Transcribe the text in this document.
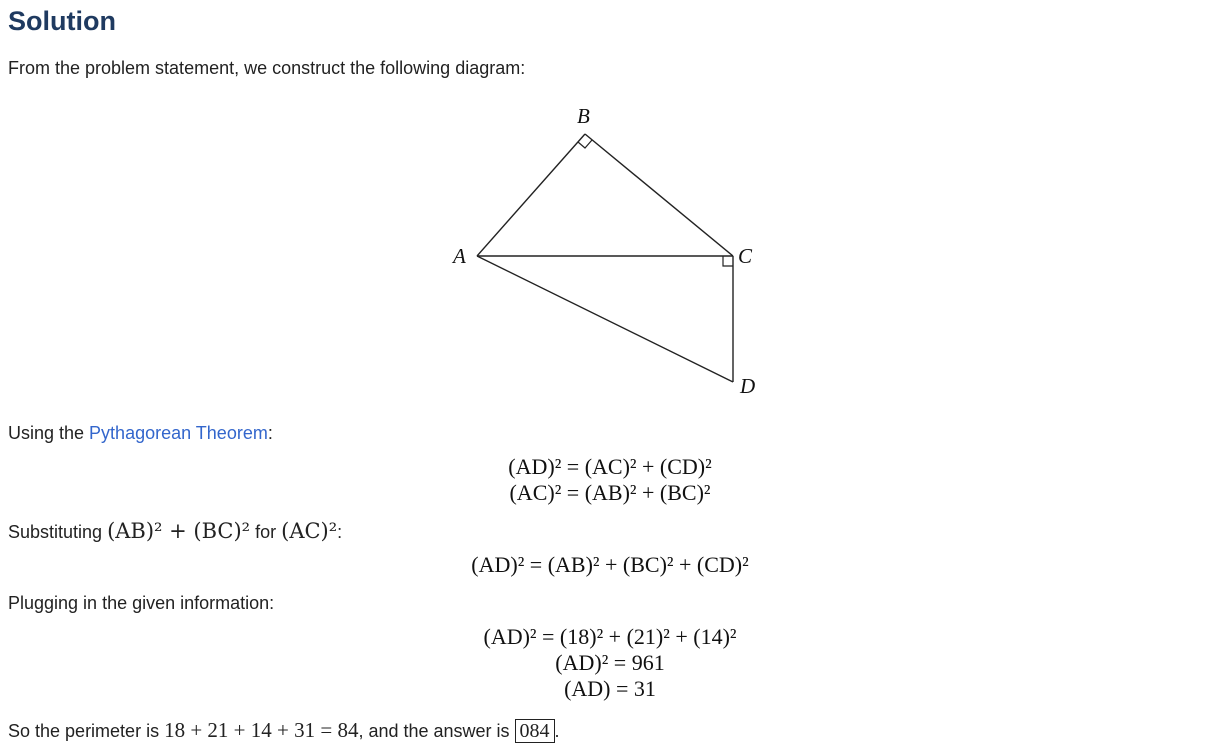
Solution
From the problem statement, we construct the following diagram:
B
A	C
D
Using the Pythagorean Theorem:
(AD)² = (AC)² + (CD)²
(AC)² = (AB)² + (BC)²
Substituting (AB)² + (BC)² for (AC)²:
(AD)² = (AB)² + (BC)² + (CD)²
Plugging in the given information:
(AD)² = (18)² + (21)² + (14)²
(AD)² = 961
(AD) = 31
So the perimeter is 18 + 21 + 14 + 31 = 84, and the answer is 084 .
